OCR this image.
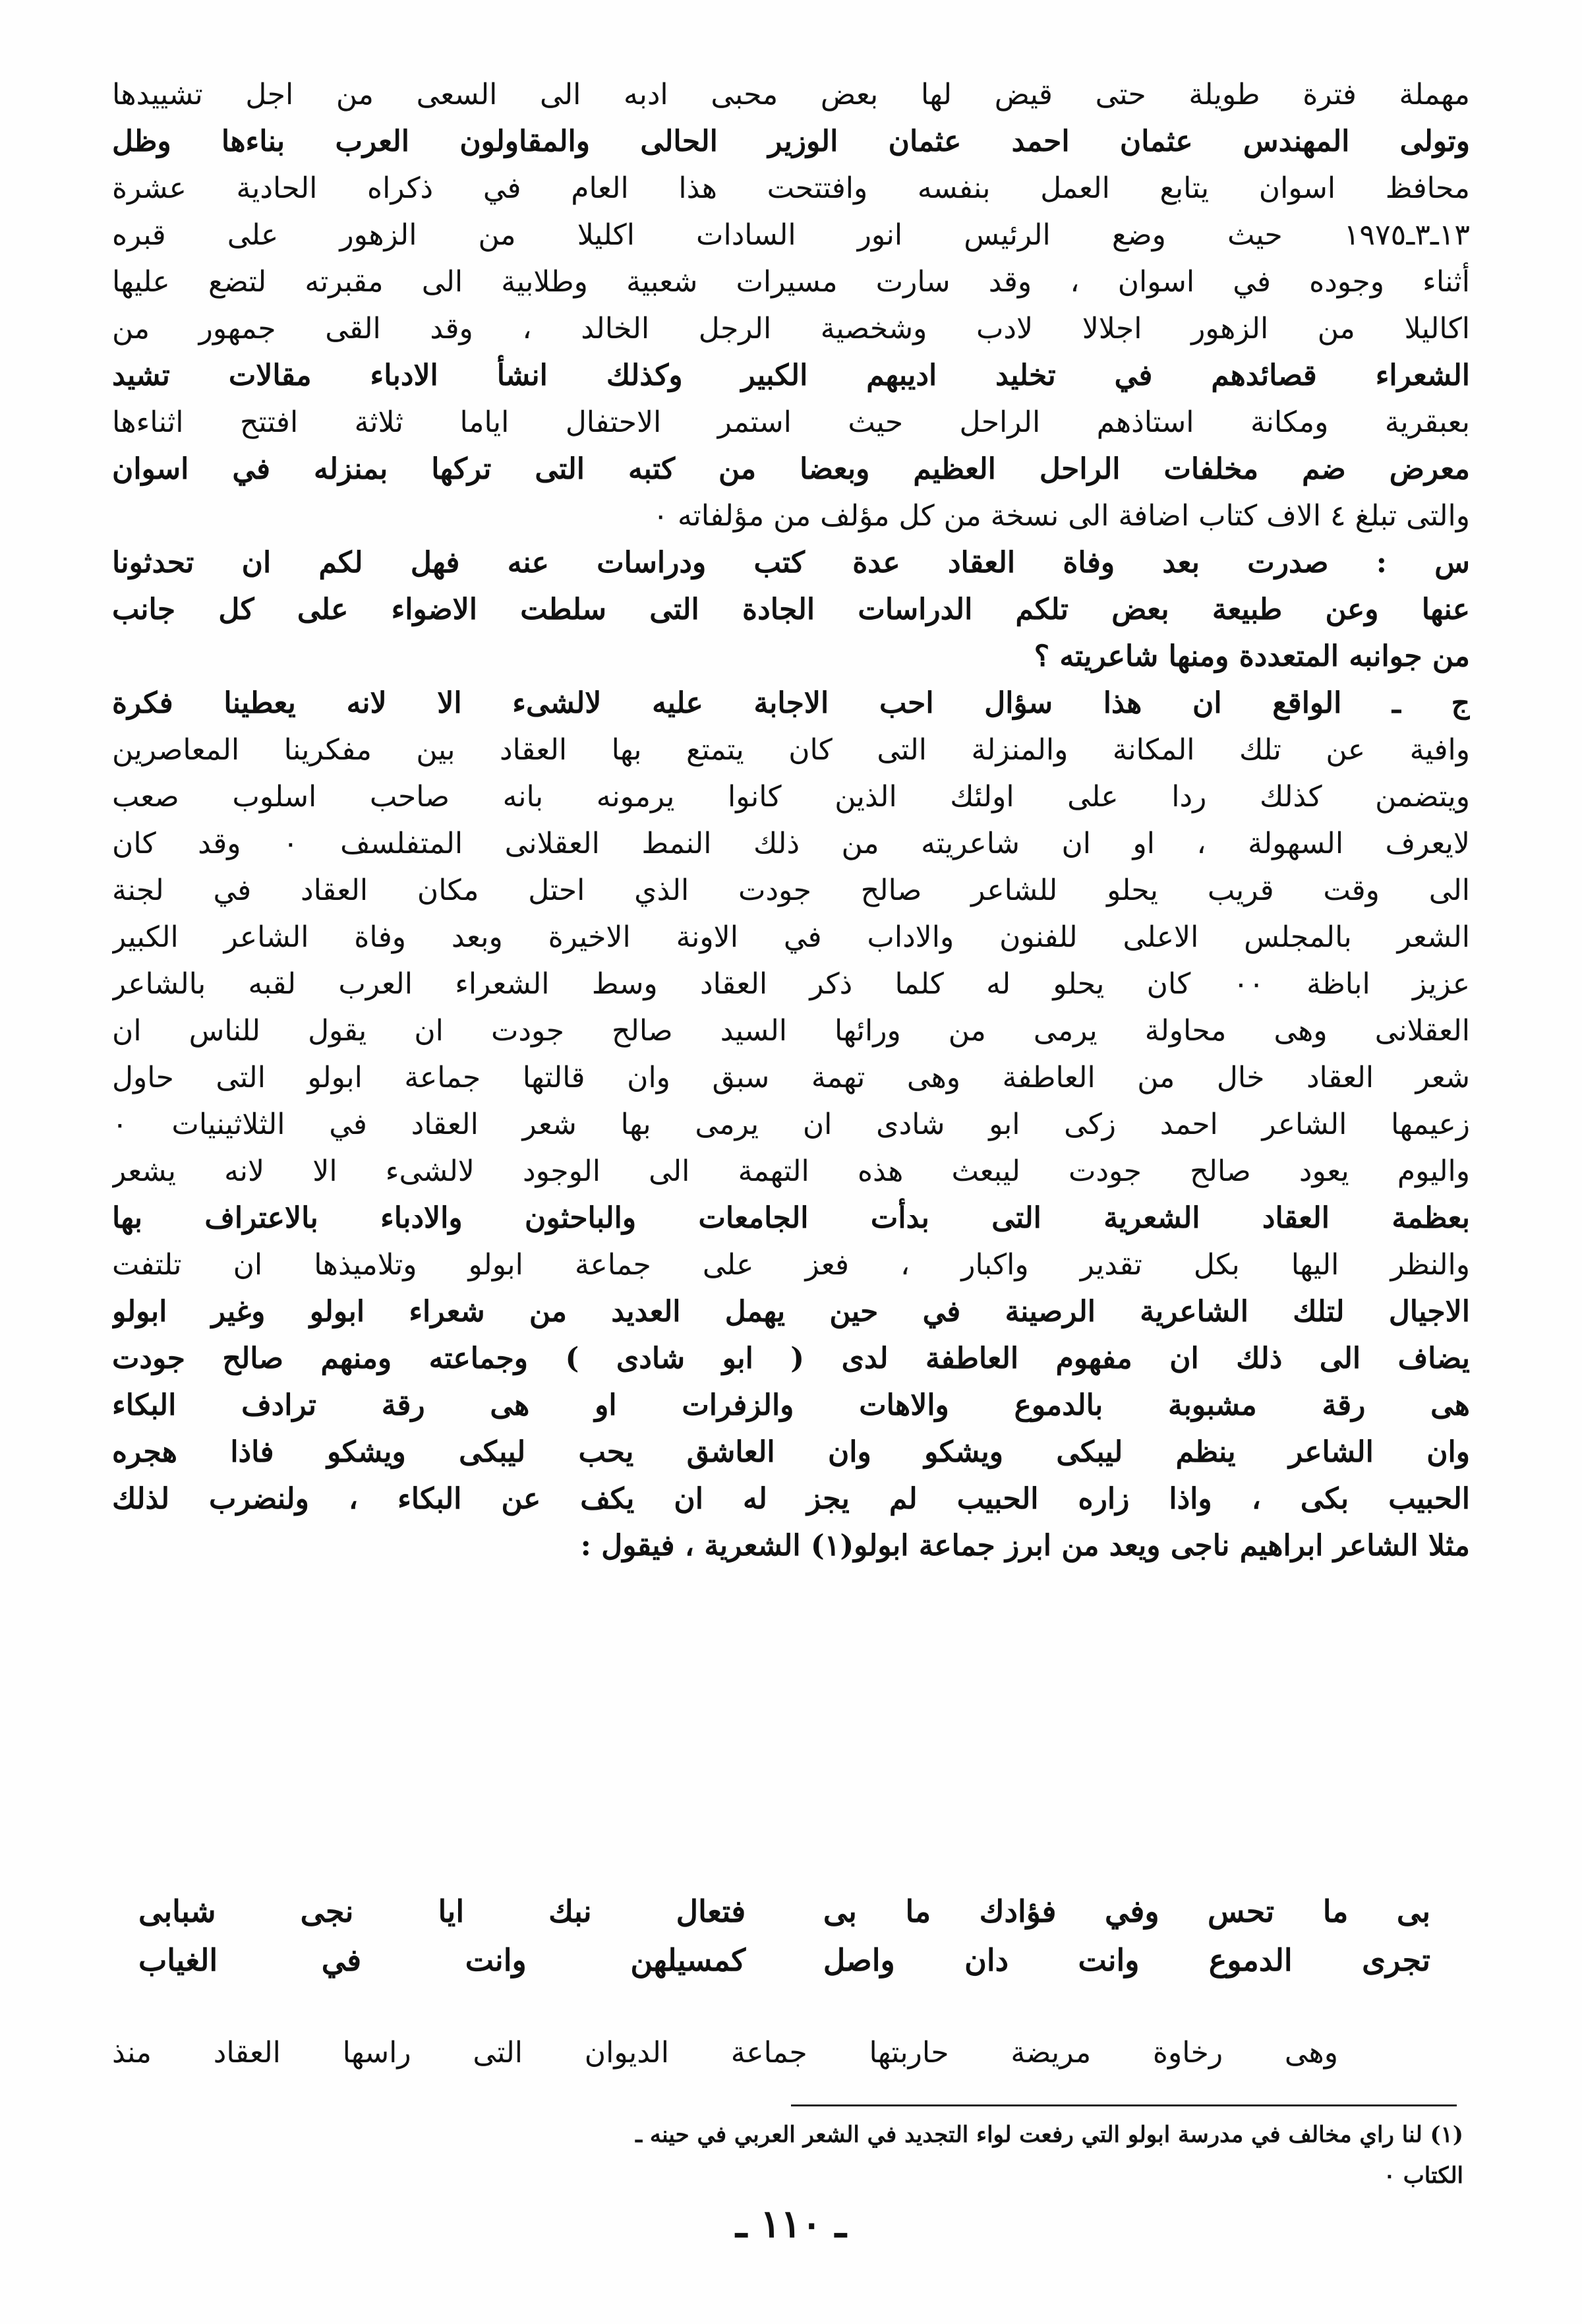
مهملة فترة طويلة حتى قيض لها بعض محبى ادبه الى السعى من اجل تشييدها
وتولى المهندس عثمان احمد عثمان الوزير الحالى والمقاولون العرب بناءها وظل
محافظ اسوان يتابع العمل بنفسه وافتتحت هذا العام في ذكراه الحادية عشرة
١٣ـ٣ـ١٩٧٥ حيث وضع الرئيس انور السادات اكليلا من الزهور على قبره
أثناء وجوده في اسوان ، وقد سارت مسيرات شعبية وطلابية الى مقبرته لتضع عليها
اكاليلا من الزهور اجلالا لادب وشخصية الرجل الخالد ، وقد القى جمهور من
الشعراء قصائدهم في تخليد اديبهم الكبير وكذلك انشأ الادباء مقالات تشيد
بعبقرية ومكانة استاذهم الراحل حيث استمر الاحتفال اياما ثلاثة افتتح اثناءها
معرض ضم مخلفات الراحل العظيم وبعضا من كتبه التى تركها بمنزله في اسوان
والتى تبلغ ٤ الاف كتاب اضافة الى نسخة من كل مؤلف من مؤلفاته ٠
س : صدرت بعد وفاة العقاد عدة كتب ودراسات عنه فهل لكم ان تحدثونا
عنها وعن طبيعة بعض تلكم الدراسات الجادة التى سلطت الاضواء على كل جانب
من جوانبه المتعددة ومنها شاعريته ؟
ج ـ الواقع ان هذا سؤال احب الاجابة عليه لالشىء الا لانه يعطينا فكرة
وافية عن تلك المكانة والمنزلة التى كان يتمتع بها العقاد بين مفكرينا المعاصرين
ويتضمن كذلك ردا على اولئك الذين كانوا يرمونه بانه صاحب اسلوب صعب
لايعرف السهولة ، او ان شاعريته من ذلك النمط العقلانى المتفلسف ٠ وقد كان
الى وقت قريب يحلو للشاعر صالح جودت الذي احتل مكان العقاد في لجنة
الشعر بالمجلس الاعلى للفنون والاداب في الاونة الاخيرة وبعد وفاة الشاعر الكبير
عزيز اباظة ٠٠ كان يحلو له كلما ذكر العقاد وسط الشعراء العرب لقبه بالشاعر
العقلانى وهى محاولة يرمى من ورائها السيد صالح جودت ان يقول للناس ان
شعر العقاد خال من العاطفة وهى تهمة سبق وان قالتها جماعة ابولو التى حاول
زعيمها الشاعر احمد زكى ابو شادى ان يرمى بها شعر العقاد في الثلاثينيات ٠
واليوم يعود صالح جودت ليبعث هذه التهمة الى الوجود لالشىء الا لانه يشعر
بعظمة العقاد الشعرية التى بدأت الجامعات والباحثون والادباء بالاعتراف بها
والنظر اليها بكل تقدير واكبار ، فعز على جماعة ابولو وتلاميذها ان تلتفت
الاجيال لتلك الشاعرية الرصينة في حين يهمل العديد من شعراء ابولو وغير ابولو
يضاف الى ذلك ان مفهوم العاطفة لدى ( ابو شادى ) وجماعته ومنهم صالح جودت
هى رقة مشبوبة بالدموع والاهات والزفرات او هى رقة ترادف البكاء
وان الشاعر ينظم ليبكى ويشكو وان العاشق يحب ليبكى ويشكو فاذا هجره
الحبيب بكى ، واذا زاره الحبيب لم يجز له ان يكف عن البكاء ، ولنضرب لذلك
مثلا الشاعر ابراهيم ناجى ويعد من ابرز جماعة ابولو(١) الشعرية ، فيقول :
بى ما تحس وفي فؤادك ما بى
فتعال نبك ايا نجى شبابى
تجرى الدموع وانت دان واصل
كمسيلهن وانت في الغياب
وهى رخاوة مريضة حاربتها جماعة الديوان التى راسها العقاد منذ
(١) لنا راي مخالف في مدرسة ابولو التي رفعت لواء التجديد في الشعر العربي في حينه ـ
الكتاب ٠
ـ ١١٠ ـ
